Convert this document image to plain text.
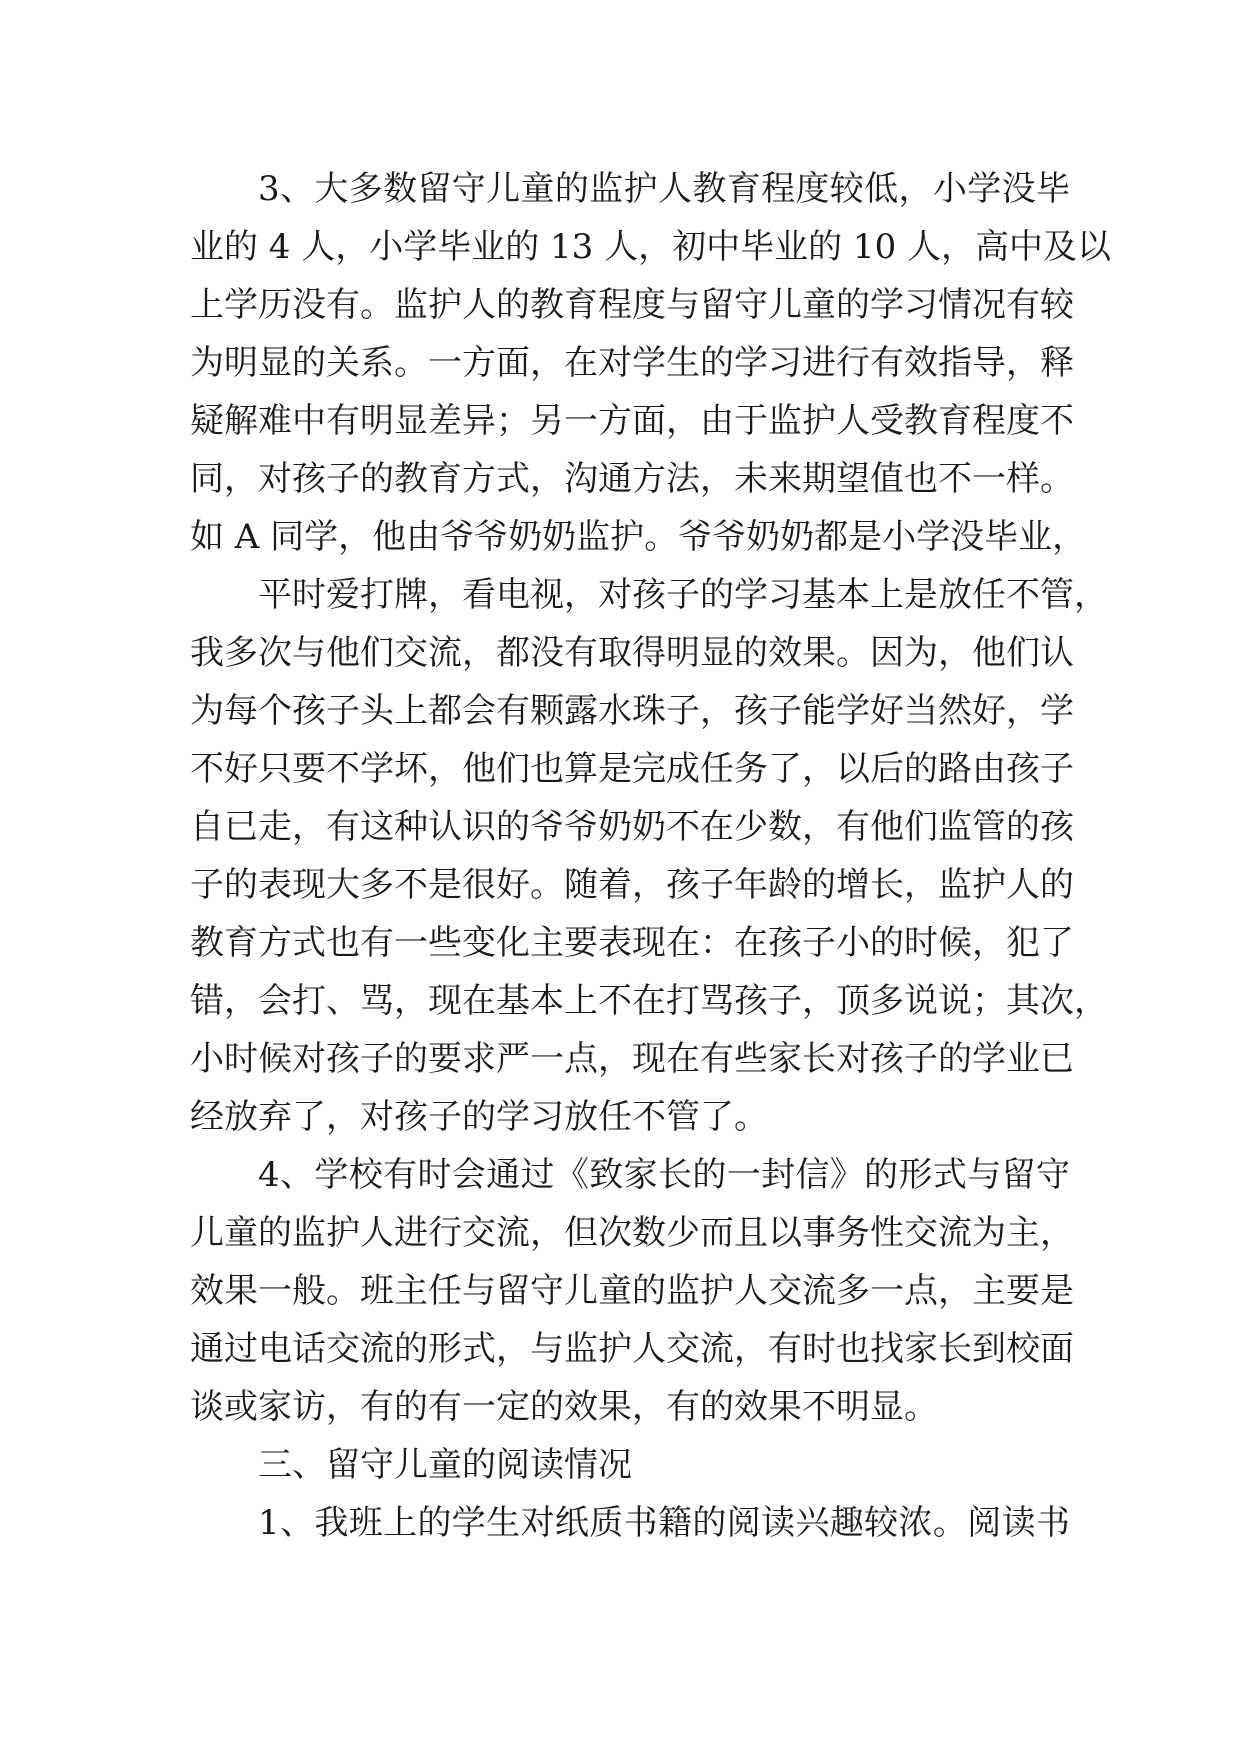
3、大多数留守儿童的监护人教育程度较低，小学没毕
业的 4 人，小学毕业的 13 人，初中毕业的 10 人，高中及以
上学历没有。监护人的教育程度与留守儿童的学习情况有较
为明显的关系。一方面，在对学生的学习进行有效指导，释
疑解难中有明显差异；另一方面，由于监护人受教育程度不
同，对孩子的教育方式，沟通方法，未来期望值也不一样。
如 A 同学，他由爷爷奶奶监护。爷爷奶奶都是小学没毕业，
平时爱打牌，看电视，对孩子的学习基本上是放任不管，
我多次与他们交流，都没有取得明显的效果。因为，他们认
为每个孩子头上都会有颗露水珠子，孩子能学好当然好，学
不好只要不学坏，他们也算是完成任务了，以后的路由孩子
自已走，有这种认识的爷爷奶奶不在少数，有他们监管的孩
子的表现大多不是很好。随着，孩子年龄的增长，监护人的
教育方式也有一些变化主要表现在：在孩子小的时候，犯了
错，会打、骂，现在基本上不在打骂孩子，顶多说说；其次，
小时候对孩子的要求严一点，现在有些家长对孩子的学业已
经放弃了，对孩子的学习放任不管了。
4、学校有时会通过《致家长的一封信》的形式与留守
儿童的监护人进行交流，但次数少而且以事务性交流为主，
效果一般。班主任与留守儿童的监护人交流多一点，主要是
通过电话交流的形式，与监护人交流，有时也找家长到校面
谈或家访，有的有一定的效果，有的效果不明显。
三、留守儿童的阅读情况
1、我班上的学生对纸质书籍的阅读兴趣较浓。阅读书
